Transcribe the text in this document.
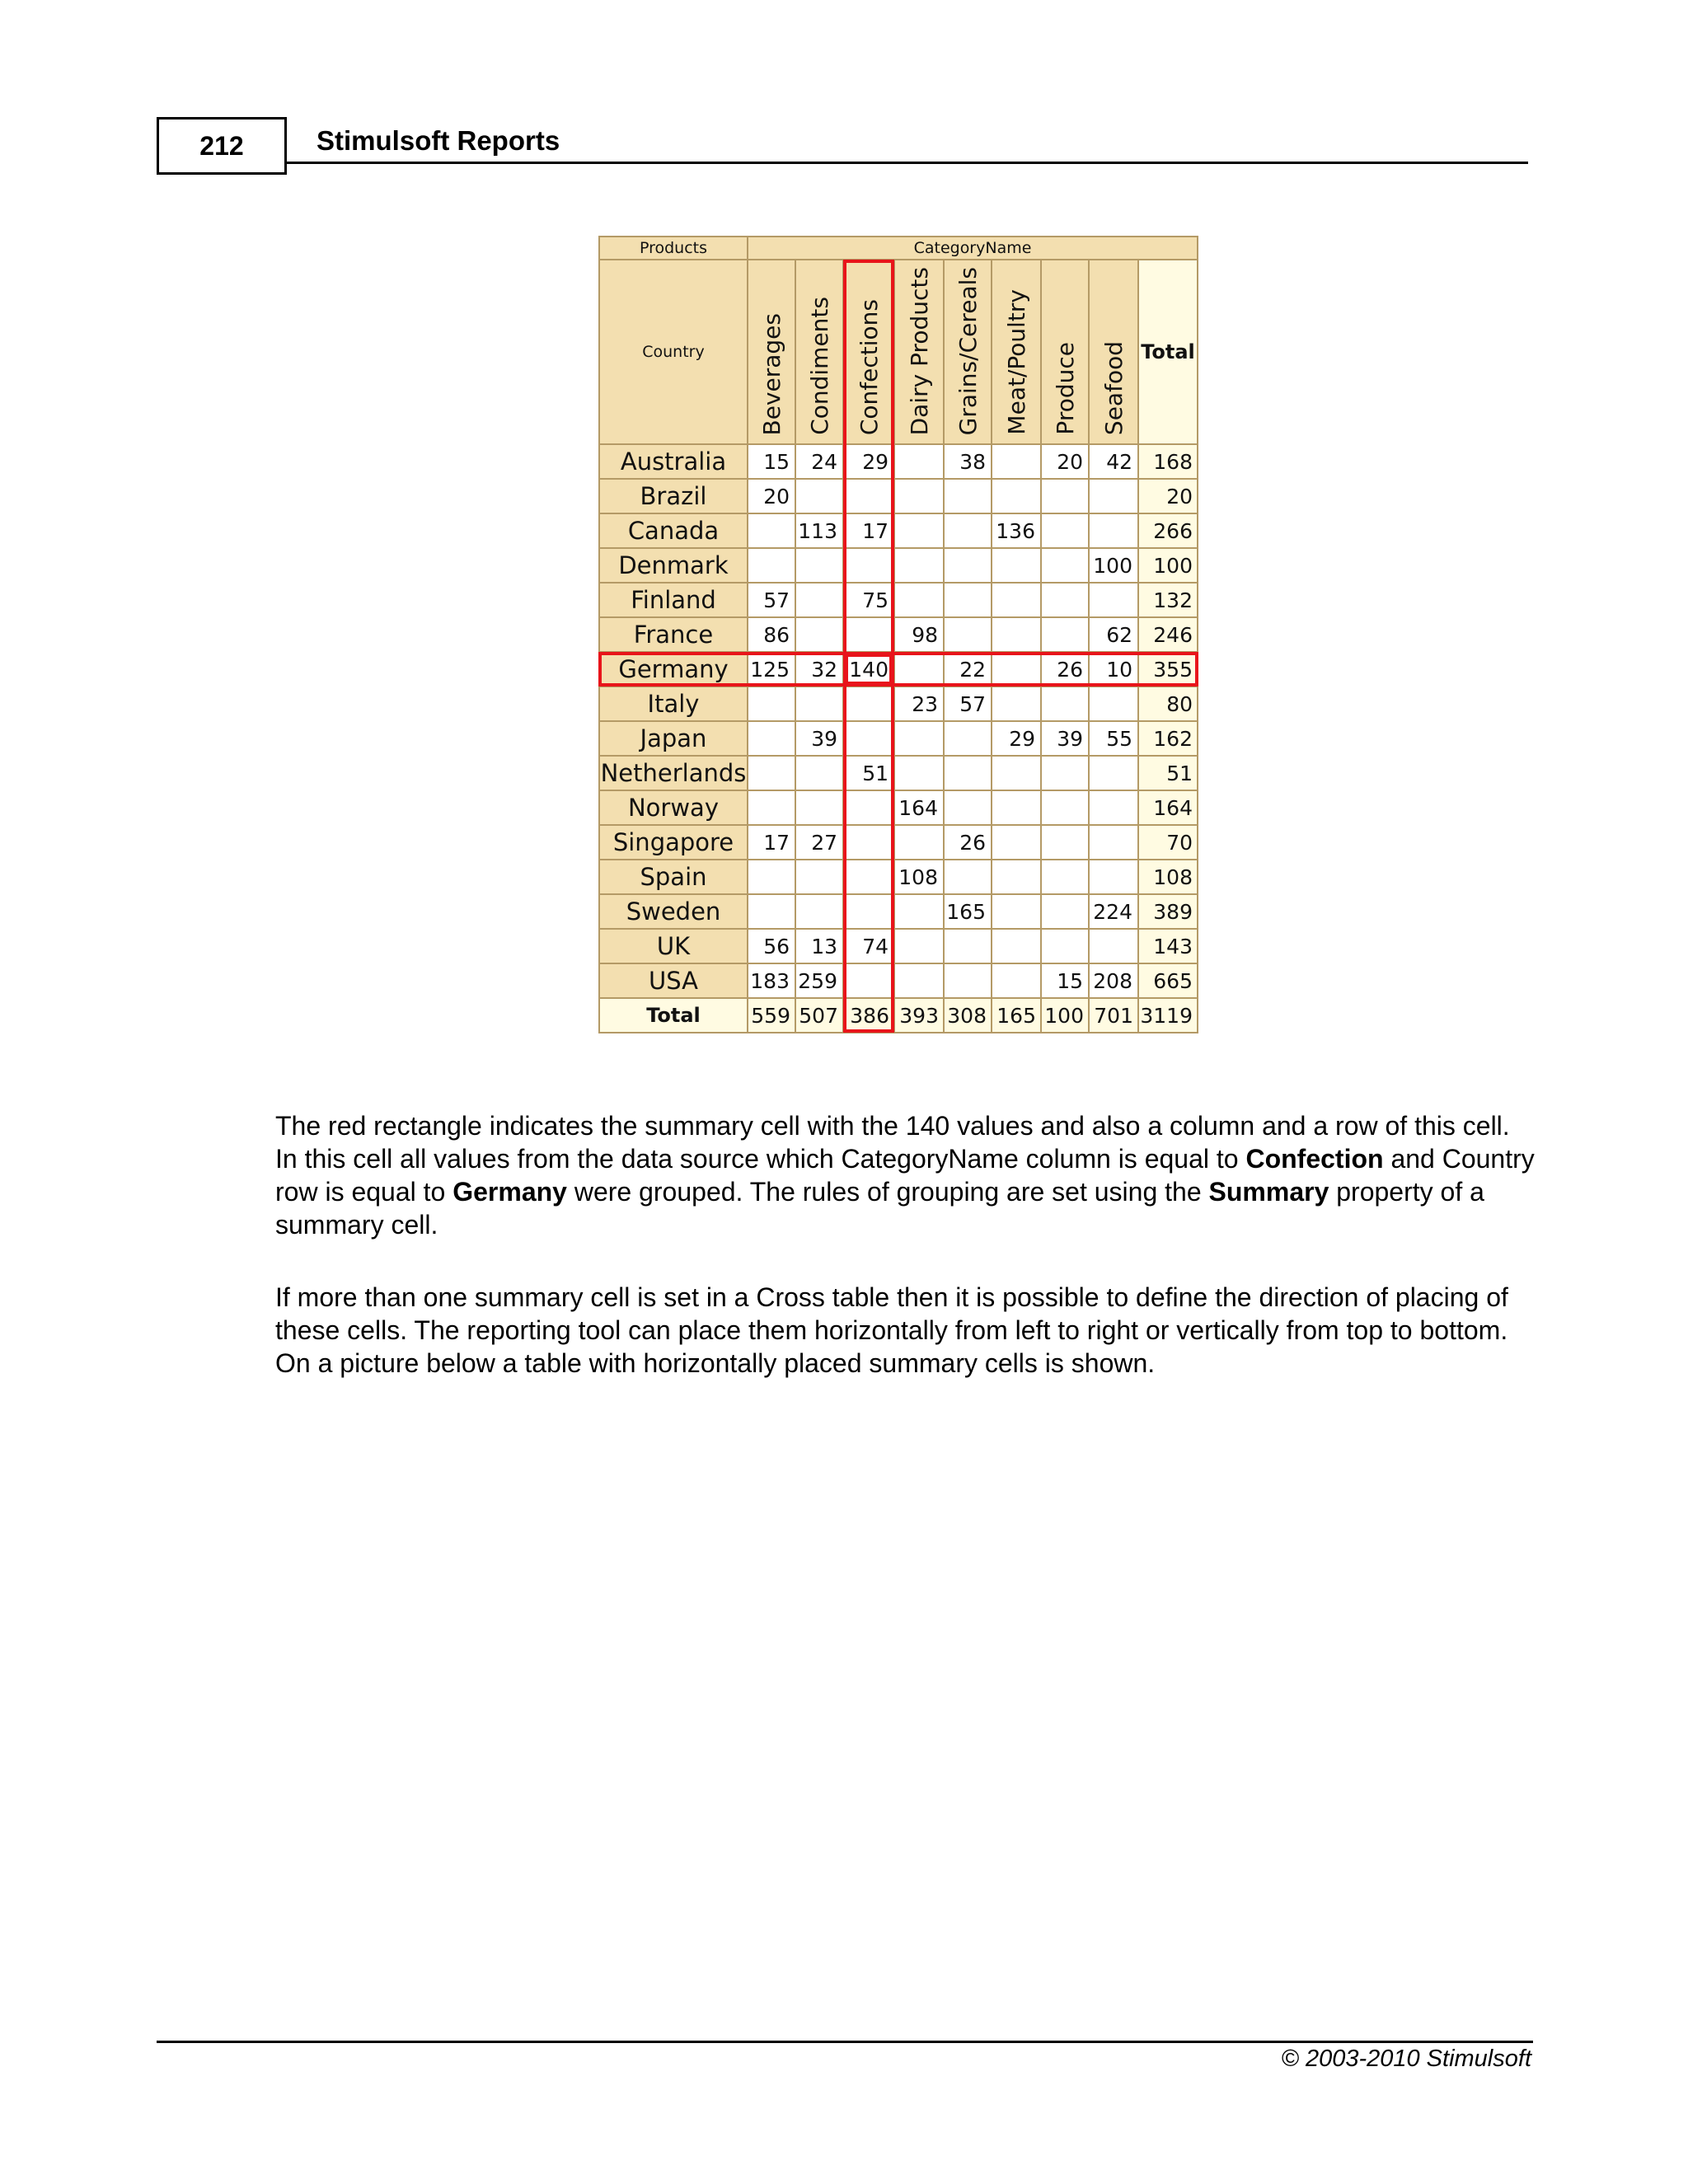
212	Stimulsoft Reports
Products	CategoryName								
Country	Beverages	Condiments	Confections	Dairy Products	Grains/Cereals	Meat/Poultry	Produce	Seafood	Total
Australia	15	24	29		38		20	42	168
Brazil	20								20
Canada		113	17			136			266
Denmark								100	100
Finland	57		75						132
France	86			98				62	246
Germany	125	32	140		22		26	10	355
Italy				23	57				80
Japan		39				29	39	55	162
Netherlands			51						51
Norway				164					164
Singapore	17	27			26				70
Spain				108					108
Sweden					165			224	389
UK	56	13	74						143
USA	183	259					15	208	665
Total	559	507	386	393	308	165	100	701	3119
The red rectangle indicates the summary cell with the 140 values and also a column and a row of this cell. In this cell all values from the data source which CategoryName column is equal to Confection and Country row is equal to Germany were grouped. The rules of grouping are set using the Summary property of a summary cell.
If more than one summary cell is set in a Cross table then it is possible to define the direction of placing of these cells. The reporting tool can place them horizontally from left to right or vertically from top to bottom. On a picture below a table with horizontally placed summary cells is shown.
© 2003-2010 Stimulsoft
